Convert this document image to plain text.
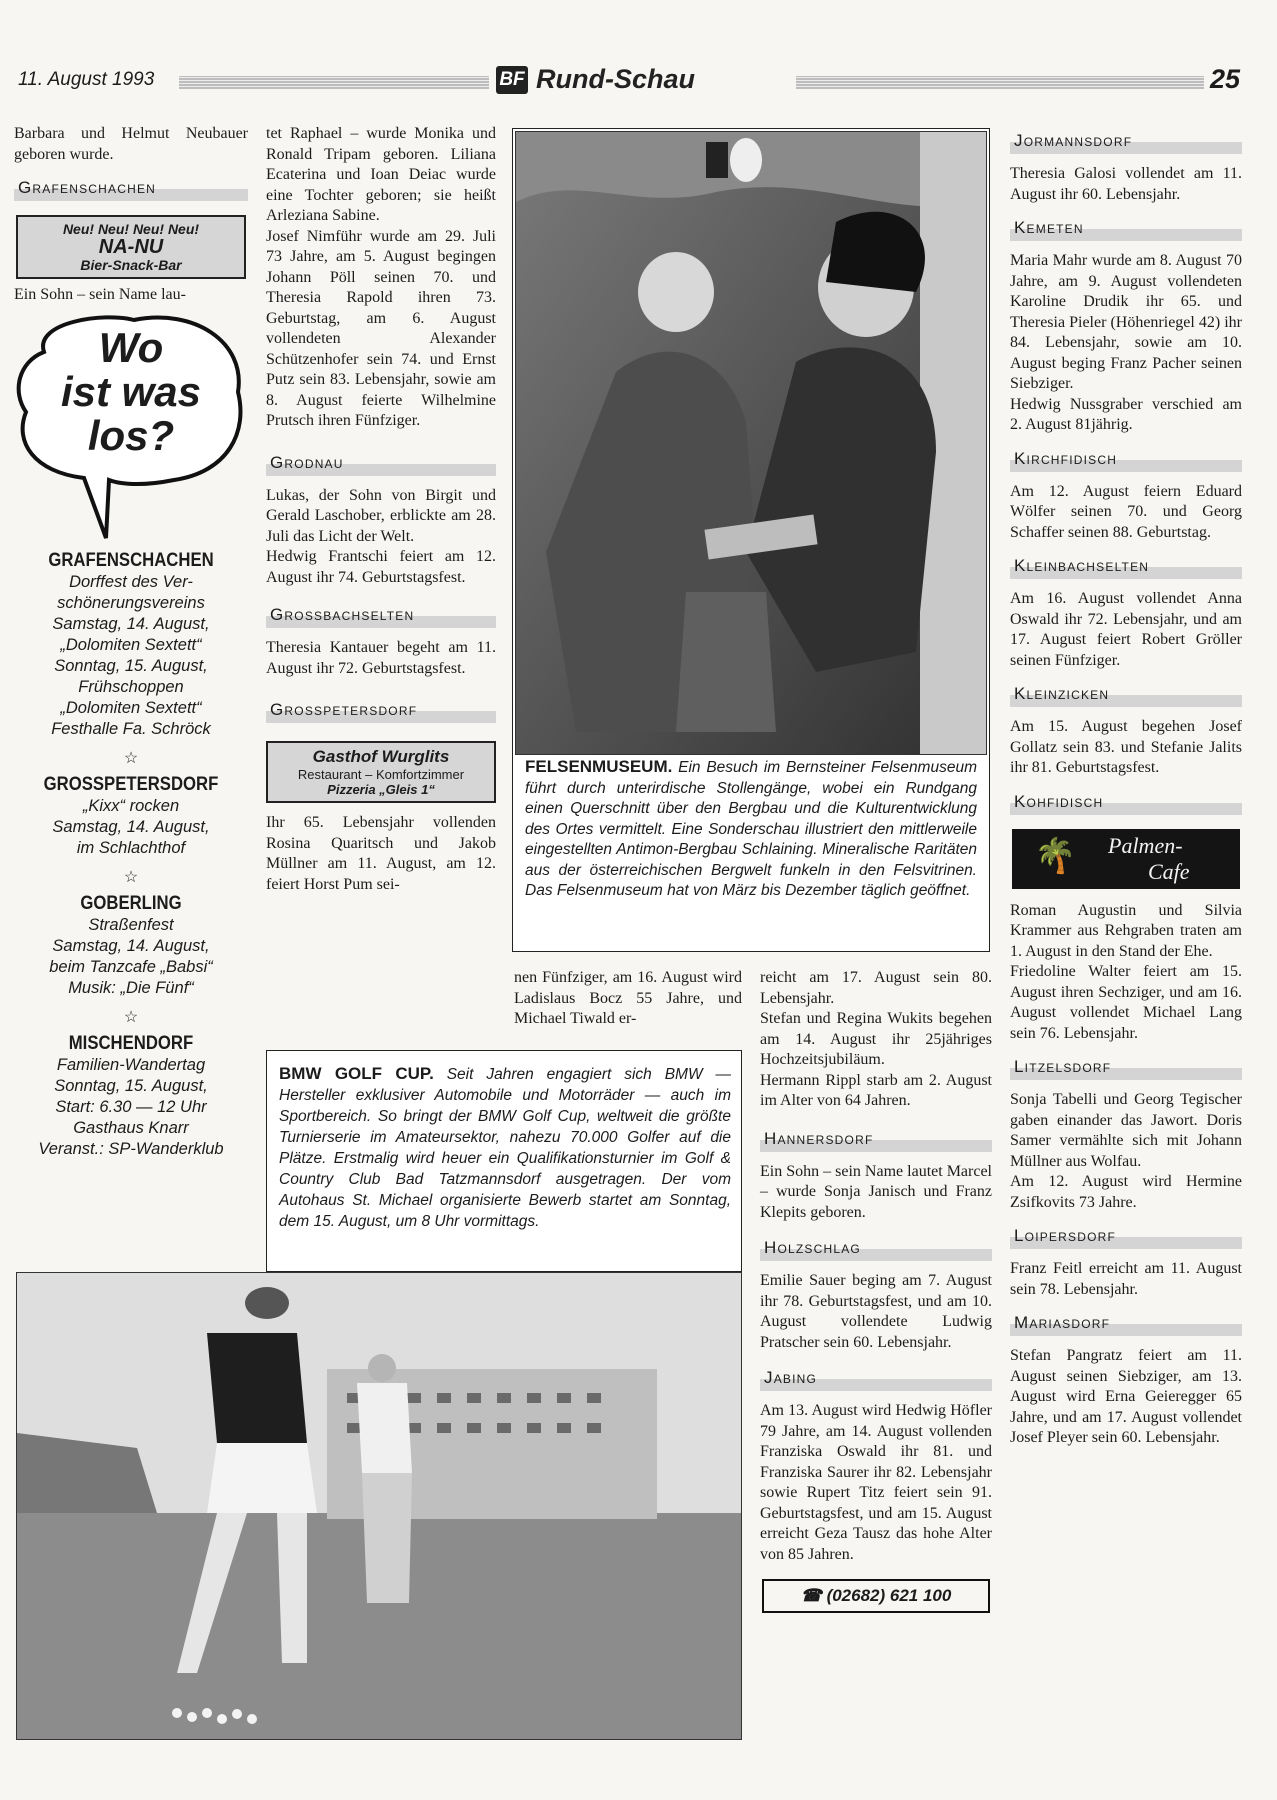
11. August 1993	BF Rund-Schau	25
Barbara und Helmut Neubauer geboren wurde.
Grafenschachen
Neu! Neu! Neu! Neu!
NA-NU
Bier-Snack-Bar
Ein Sohn – sein Name lau-
Wo
ist was
los?
GRAFENSCHACHEN
Dorffest des Ver-
schönerungsvereins
Samstag, 14. August,
„Dolomiten Sextett“
Sonntag, 15. August,
Frühschoppen
„Dolomiten Sextett“
Festhalle Fa. Schröck
☆
GROSSPETERSDORF
„Kixx“ rocken
Samstag, 14. August,
im Schlachthof
☆
GOBERLING
Straßenfest
Samstag, 14. August,
beim Tanzcafe „Babsi“
Musik: „Die Fünf“
☆
MISCHENDORF
Familien-Wandertag
Sonntag, 15. August,
Start: 6.30 — 12 Uhr
Gasthaus Knarr
Veranst.: SP-Wanderklub
tet Raphael – wurde Monika und Ronald Tripam geboren. Liliana Ecaterina und Ioan Deiac wurde eine Tochter geboren; sie heißt Arleziana Sabine.
Josef Nimführ wurde am 29. Juli 73 Jahre, am 5. August begingen Johann Pöll seinen 70. und Theresia Rapold ihren 73. Geburtstag, am 6. August vollendeten Alexander Schützenhofer sein 74. und Ernst Putz sein 83. Lebensjahr, sowie am 8. August feierte Wilhelmine Prutsch ihren Fünfziger.
Grodnau
Lukas, der Sohn von Birgit und Gerald Laschober, erblickte am 28. Juli das Licht der Welt.
Hedwig Frantschi feiert am 12. August ihr 74. Geburtstagsfest.
Grossbachselten
Theresia Kantauer begeht am 11. August ihr 72. Geburtstagsfest.
Grosspetersdorf
Gasthof Wurglits
Restaurant – Komfortzimmer
Pizzeria „Gleis 1“
Ihr 65. Lebensjahr vollenden Rosina Quaritsch und Jakob Müllner am 11. August, am 12. feiert Horst Pum sei-
FELSENMUSEUM. Ein Besuch im Bernsteiner Felsenmuseum führt durch unterirdische Stollengänge, wobei ein Rundgang einen Querschnitt über den Bergbau und die Kulturentwicklung des Ortes vermittelt. Eine Sonderschau illustriert den mittlerweile eingestellten Antimon-Bergbau Schlaining. Mineralische Raritäten aus der österreichischen Bergwelt funkeln in den Felsvitrinen. Das Felsenmuseum hat von März bis Dezember täglich geöffnet.
nen Fünfziger, am 16. August wird Ladislaus Bocz 55 Jahre, und Michael Tiwald er-
BMW GOLF CUP. Seit Jahren engagiert sich BMW — Hersteller exklusiver Automobile und Motorräder — auch im Sportbereich. So bringt der BMW Golf Cup, weltweit die größte Turnierserie im Amateursektor, nahezu 70.000 Golfer auf die Plätze. Erstmalig wird heuer ein Qualifikationsturnier im Golf & Country Club Bad Tatzmannsdorf ausgetragen. Der vom Autohaus St. Michael organisierte Bewerb startet am Sonntag, dem 15. August, um 8 Uhr vormittags.
reicht am 17. August sein 80. Lebensjahr.
Stefan und Regina Wukits begehen am 14. August ihr 25jähriges Hochzeitsjubiläum.
Hermann Rippl starb am 2. August im Alter von 64 Jahren.
Hannersdorf
Ein Sohn – sein Name lautet Marcel – wurde Sonja Janisch und Franz Klepits geboren.
Holzschlag
Emilie Sauer beging am 7. August ihr 78. Geburtstagsfest, und am 10. August vollendete Ludwig Pratscher sein 60. Lebensjahr.
Jabing
Am 13. August wird Hedwig Höfler 79 Jahre, am 14. August vollenden Franziska Oswald ihr 81. und Franziska Saurer ihr 82. Lebensjahr sowie Rupert Titz feiert sein 91. Geburtstagsfest, und am 15. August erreicht Geza Tausz das hohe Alter von 85 Jahren.
☎ (02682) 621 100
Jormannsdorf
Theresia Galosi vollendet am 11. August ihr 60. Lebensjahr.
Kemeten
Maria Mahr wurde am 8. August 70 Jahre, am 9. August vollendeten Karoline Drudik ihr 65. und Theresia Pieler (Höhenriegel 42) ihr 84. Lebensjahr, sowie am 10. August beging Franz Pacher seinen Siebziger.
Hedwig Nussgraber verschied am 2. August 81jährig.
Kirchfidisch
Am 12. August feiern Eduard Wölfer seinen 70. und Georg Schaffer seinen 88. Geburtstag.
Kleinbachselten
Am 16. August vollendet Anna Oswald ihr 72. Lebensjahr, und am 17. August feiert Robert Gröller seinen Fünfziger.
Kleinzicken
Am 15. August begehen Josef Gollatz sein 83. und Stefanie Jalits ihr 81. Geburtstagsfest.
Kohfidisch
🌴 Palmen-
Cafe
Roman Augustin und Silvia Krammer aus Rehgraben traten am 1. August in den Stand der Ehe.
Friedoline Walter feiert am 15. August ihren Sechziger, und am 16. August vollendet Michael Lang sein 76. Lebensjahr.
Litzelsdorf
Sonja Tabelli und Georg Tegischer gaben einander das Jawort. Doris Samer vermählte sich mit Johann Müllner aus Wolfau.
Am 12. August wird Hermine Zsifkovits 73 Jahre.
Loipersdorf
Franz Feitl erreicht am 11. August sein 78. Lebensjahr.
Mariasdorf
Stefan Pangratz feiert am 11. August seinen Siebziger, am 13. August wird Erna Geieregger 65 Jahre, und am 17. August vollendet Josef Pleyer sein 60. Lebensjahr.
